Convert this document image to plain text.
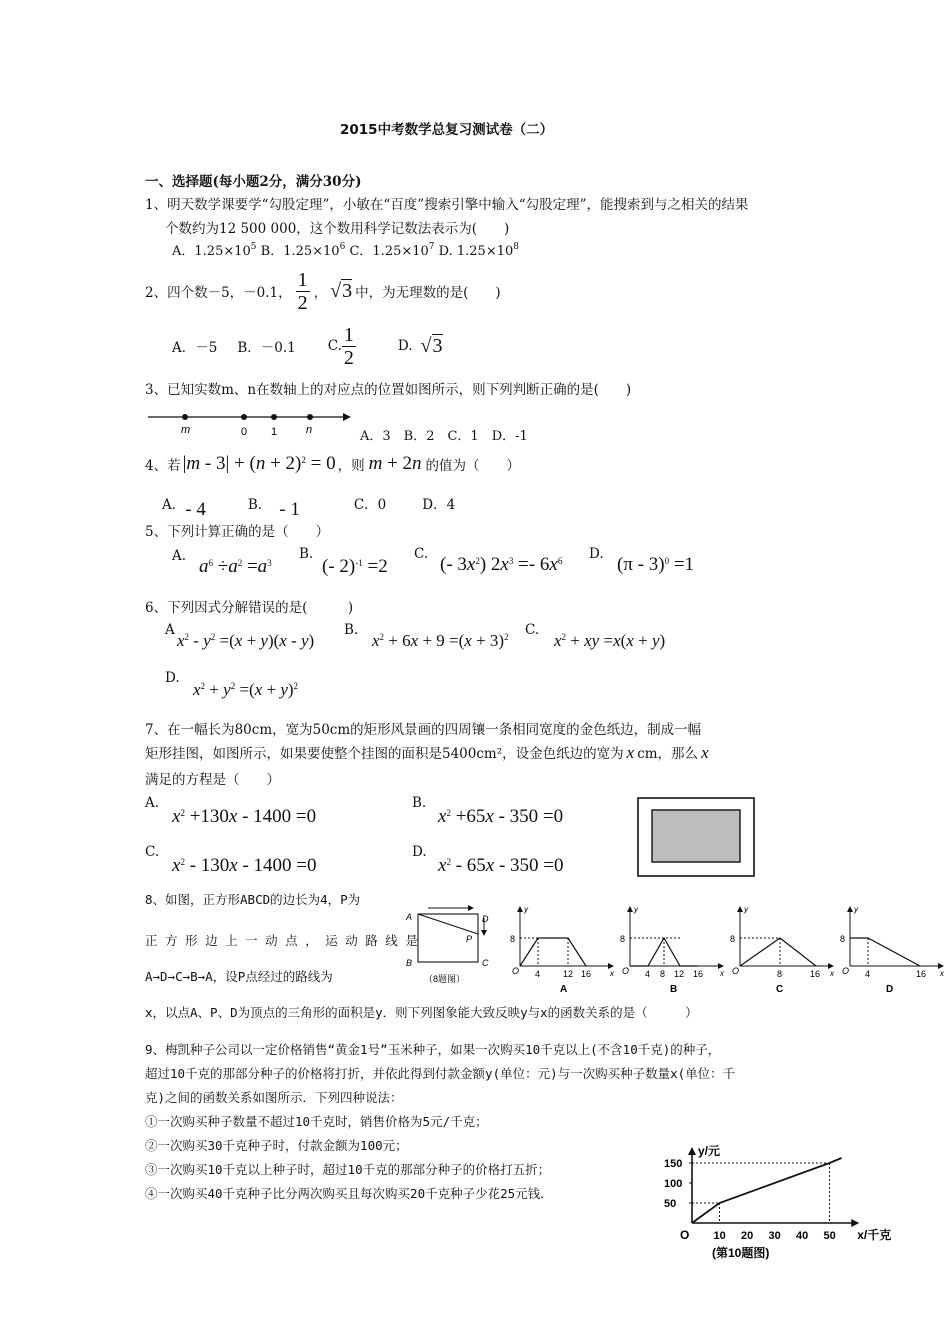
2015中考数学总复习测试卷（二）
一、选择题(每小题2分，满分30分)
1、明天数学课要学“勾股定理”，小敏在“百度”搜索引擎中输入“勾股定理”，能搜索到与之相关的结果
个数约为12 500 000，这个数用科学记数法表示为(　　)
A．$1.25\times 10^5$ B．$1.25\times 10^6$ C．$1.25\times 10^7$ D. $1.25\times 10^8$
2、四个数－5，－0.1， $\frac{1}{2}$ ， √3 中，为无理数的是(　　)
A．－5 B．－0.1 C. $\frac{1}{2}$	D. √3
3、已知实数m、n在数轴上的对应点的位置如图所示，则下列判断正确的是(　　)
m	0 1	n	A．3　B．2　C．1　D．-1
4、若 $|m - 3| + (n + 2)^2 = 0$ ，则 m + 2n 的值为（　　）
A． - 4	B． - 1	C．0	D．4
5、下列计算正确的是（　　）
A. $a^6 \div a^2 =a^3$
B.
(- 2)$^{-1}$ =2
C. (- $3x^2$) $2x^3 =- 6x^6$ D. (π - 3)$^0$ =1
6、下列因式分解错误的是(　　　)
A
$x^2 - y^2 =(x + y)(x - y)$
B.
$x^2 + 6x + 9 =(x + 3)^2$ C.
$x^2$ + xy =x(x + y)
D.
$x^2 + y^2 =(x + y)^2$
7、在一幅长为80cm，宽为50cm的矩形风景画的四周镶一条相同宽度的金色纸边，制成一幅
矩形挂图，如图所示，如果要使整个挂图的面积是5400cm²，设金色纸边的宽为 x cm，那么 x
满足的方程是（　　）
A.
$x^2 +130x - 1400 =0$
B.
$x^2 +65x - 350 =0$
C.
$x^2 - 130x - 1400 =0$
D.
$x^2 - 65x - 350 =0$
8、如图，正方形ABCD的边长为4，P为
正 方 形 边 上 一 动 点 ， 运 动 路 线 是
A→D→C→B→A，设P点经过的路线为
x，以点A、P、D为顶点的三角形的面积是y．则下列图象能大致反映y与x的函数关系的是（　　　）
A	D
P
B	C
（8题图）
y
x
8
O 4	12 16
A
y
x
8
O 4 8 12 16
B
y
x
8
O	8	16
C
y
x
8
O 4	16
D
9、梅凯种子公司以一定价格销售“黄金1号”玉米种子，如果一次购买10千克以上(不含10千克)的种子，
超过10千克的那部分种子的价格将打折，并依此得到付款金额y(单位：元)与一次购买种子数量x(单位：千
克)之间的函数关系如图所示．下列四种说法：
①一次购买种子数量不超过10千克时，销售价格为5元/千克；
②一次购买30千克种子时，付款金额为100元；
③一次购买10千克以上种子时，超过10千克的那部分种子的价格打五折；
④一次购买40千克种子比分两次购买且每次购买20千克种子少花25元钱．
y/元
x/千克
O 10 20 30 40 50
50
100
150
(第10题图)
